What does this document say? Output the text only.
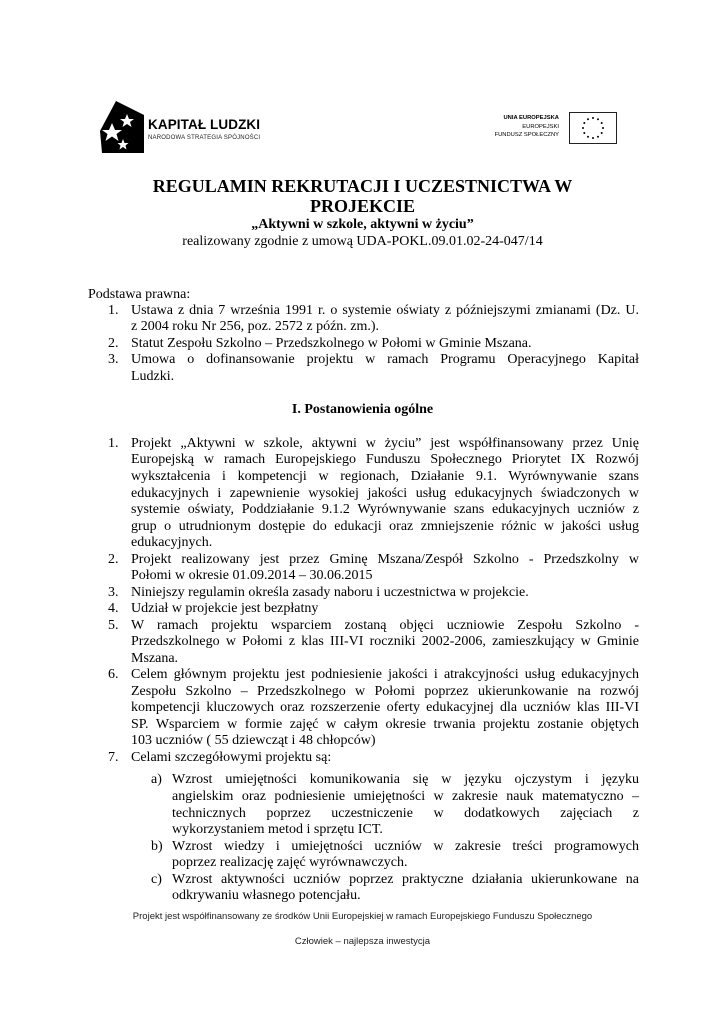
KAPITAŁ LUDZKI
NARODOWA STRATEGIA SPÓJNOŚCI
UNIA EUROPEJSKA
EUROPEJSKI
FUNDUSZ SPOŁECZNY
REGULAMIN REKRUTACJI I UCZESTNICTWA W
PROJEKCIE
„Aktywni w szkole, aktywni w życiu”
realizowany zgodnie z umową UDA-POKL.09.01.02-24-047/14
Podstawa prawna:
1. Ustawa z dnia 7 września 1991 r. o systemie oświaty z późniejszymi zmianami (Dz. U.
z 2004 roku Nr 256, poz. 2572 z późn. zm.).
2. Statut Zespołu Szkolno – Przedszkolnego w Połomi w Gminie Mszana.
3. Umowa o dofinansowanie projektu w ramach Programu Operacyjnego Kapitał
Ludzki.
I. Postanowienia ogólne
1. Projekt „Aktywni w szkole, aktywni w życiu” jest współfinansowany przez Unię
Europejską w ramach Europejskiego Funduszu Społecznego Priorytet IX Rozwój
wykształcenia i kompetencji w regionach, Działanie 9.1. Wyrównywanie szans
edukacyjnych i zapewnienie wysokiej jakości usług edukacyjnych świadczonych w
systemie oświaty, Poddziałanie 9.1.2 Wyrównywanie szans edukacyjnych uczniów z
grup o utrudnionym dostępie do edukacji oraz zmniejszenie różnic w jakości usług
edukacyjnych.
2. Projekt realizowany jest przez Gminę Mszana/Zespół Szkolno - Przedszkolny w
Połomi w okresie 01.09.2014 – 30.06.2015
3. Niniejszy regulamin określa zasady naboru i uczestnictwa w projekcie.
4. Udział w projekcie jest bezpłatny
5. W ramach projektu wsparciem zostaną objęci uczniowie Zespołu Szkolno -
Przedszkolnego w Połomi z klas III-VI roczniki 2002-2006, zamieszkujący w Gminie
Mszana.
6. Celem głównym projektu jest podniesienie jakości i atrakcyjności usług edukacyjnych
Zespołu Szkolno – Przedszkolnego w Połomi poprzez ukierunkowanie na rozwój
kompetencji kluczowych oraz rozszerzenie oferty edukacyjnej dla uczniów klas III-VI
SP. Wsparciem w formie zajęć w całym okresie trwania projektu zostanie objętych
103 uczniów ( 55 dziewcząt i 48 chłopców)
7. Celami szczegółowymi projektu są:
a) Wzrost umiejętności komunikowania się w języku ojczystym i języku
angielskim oraz podniesienie umiejętności w zakresie nauk matematyczno –
technicznych poprzez uczestniczenie w dodatkowych zajęciach z
wykorzystaniem metod i sprzętu ICT.
b) Wzrost wiedzy i umiejętności uczniów w zakresie treści programowych
poprzez realizację zajęć wyrównawczych.
c) Wzrost aktywności uczniów poprzez praktyczne działania ukierunkowane na
odkrywaniu własnego potencjału.
Projekt jest współfinansowany ze środków Unii Europejskiej w ramach Europejskiego Funduszu Społecznego
Człowiek – najlepsza inwestycja
